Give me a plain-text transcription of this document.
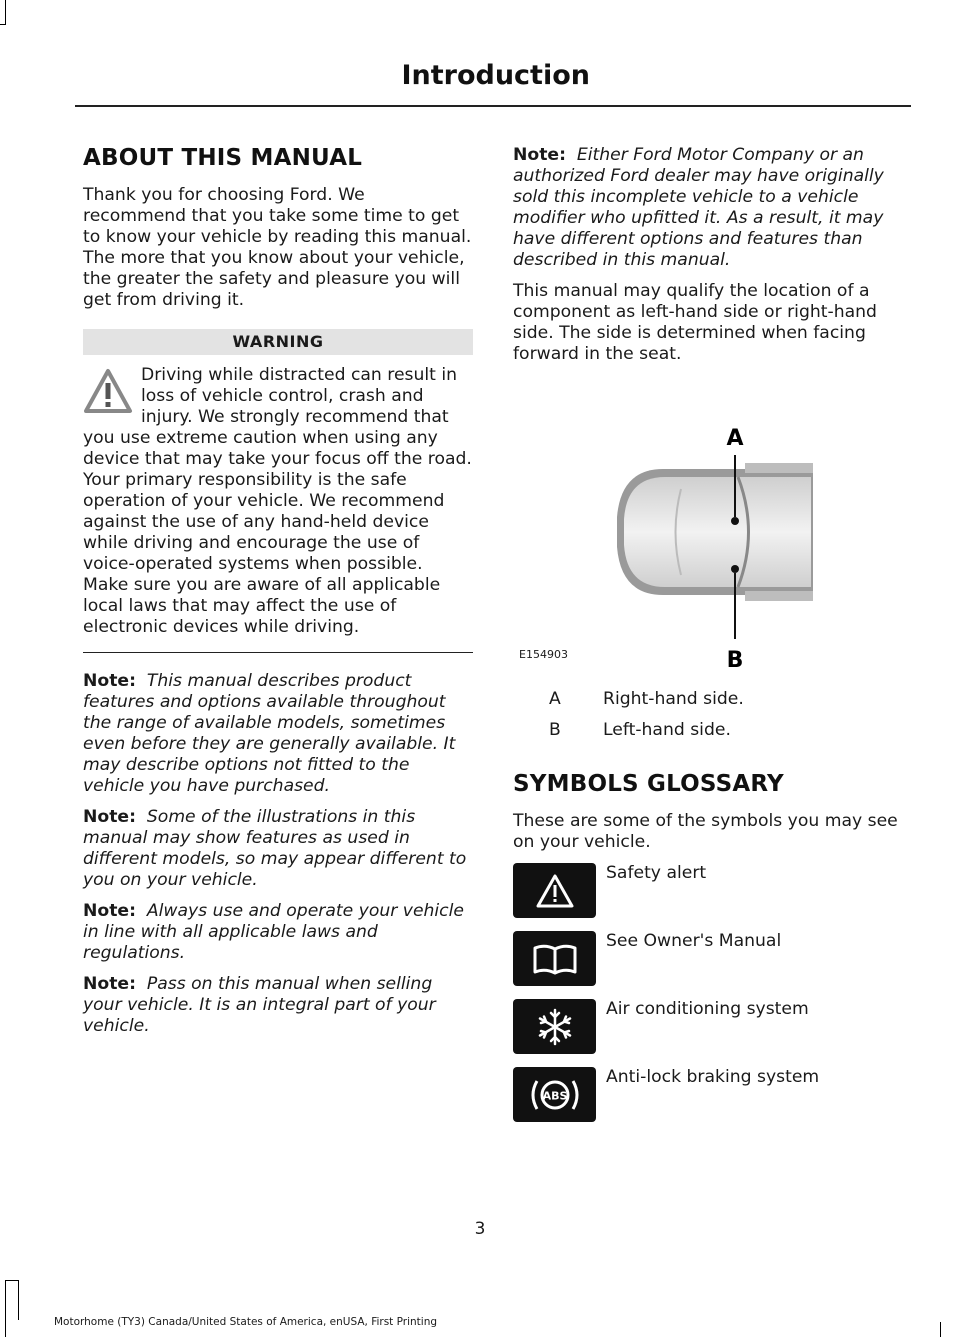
Introduction
ABOUT THIS MANUAL

Thank you for choosing Ford. We recommend that you take some time to get to know your vehicle by reading this manual. The more that you know about your vehicle, the greater the safety and pleasure you will get from driving it.

WARNING
Driving while distracted can result in loss of vehicle control, crash and injury. We strongly recommend that you use extreme caution when using any device that may take your focus off the road. Your primary responsibility is the safe operation of your vehicle. We recommend against the use of any hand-held device while driving and encourage the use of voice-operated systems when possible. Make sure you are aware of all applicable local laws that may affect the use of electronic devices while driving.

Note: This manual describes product features and options available throughout the range of available models, sometimes even before they are generally available. It may describe options not fitted to the vehicle you have purchased.

Note: Some of the illustrations in this manual may show features as used in different models, so may appear different to you on your vehicle.

Note: Always use and operate your vehicle in line with all applicable laws and regulations.

Note: Pass on this manual when selling your vehicle. It is an integral part of your vehicle.

Note: Either Ford Motor Company or an authorized Ford dealer may have originally sold this incomplete vehicle to a vehicle modifier who upfitted it. As a result, it may have different options and features than described in this manual.

This manual may qualify the location of a component as left-hand side or right-hand side. The side is determined when facing forward in the seat.

A
B
E154903
A	Right-hand side.
B	Left-hand side.
SYMBOLS GLOSSARY

These are some of the symbols you may see on your vehicle.

Safety alert
See Owner's Manual
Air conditioning system
ABS
Anti-lock braking system
3
Motorhome (TY3) Canada/United States of America, enUSA, First Printing
